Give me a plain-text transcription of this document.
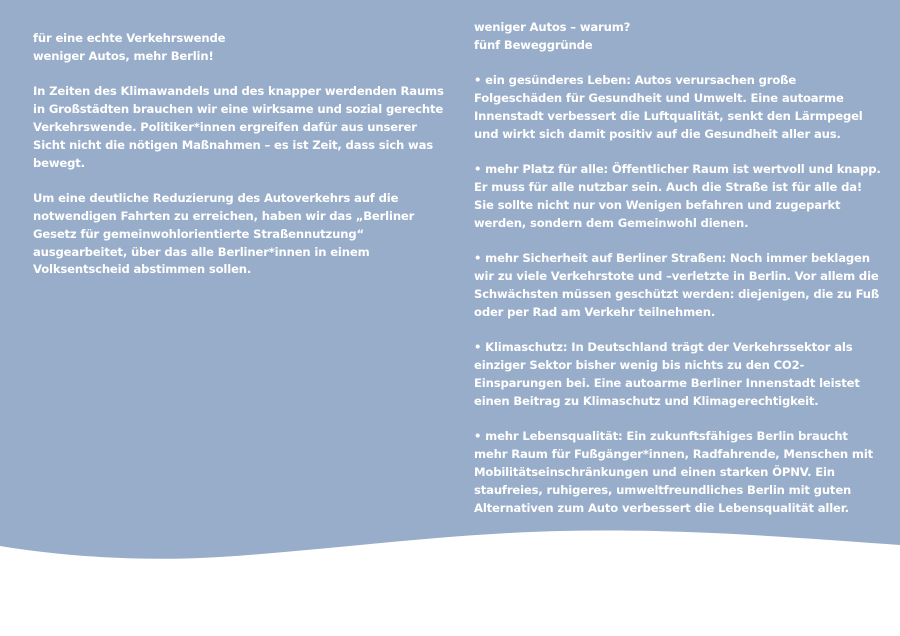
für eine echte Verkehrswende
weniger Autos, mehr Berlin!

In Zeiten des Klimawandels und des knapper werdenden Raums in Großstädten brauchen wir eine wirksame und sozial gerechte Verkehrswende. Politiker*innen ergreifen dafür aus unserer Sicht nicht die nötigen Maßnahmen – es ist Zeit, dass sich was bewegt.

Um eine deutliche Reduzierung des Autoverkehrs auf die notwendigen Fahrten zu erreichen, haben wir das „Berliner Gesetz für gemeinwohlorientierte Straßennutzung“ ausgearbeitet, über das alle Berliner*innen in einem Volksentscheid abstimmen sollen.

weniger Autos – warum?
fünf Beweggründe

• ein gesünderes Leben: Autos verursachen große Folgeschäden für Gesundheit und Umwelt. Eine autoarme Innenstadt verbessert die Luftqualität, senkt den Lärmpegel und wirkt sich damit positiv auf die Gesundheit aller aus.

• mehr Platz für alle: Öffentlicher Raum ist wertvoll und knapp. Er muss für alle nutzbar sein. Auch die Straße ist für alle da! Sie sollte nicht nur von Wenigen befahren und zugeparkt werden, sondern dem Gemeinwohl dienen.

• mehr Sicherheit auf Berliner Straßen: Noch immer beklagen wir zu viele Verkehrstote und –verletzte in Berlin. Vor allem die Schwächsten müssen geschützt werden: diejenigen, die zu Fuß oder per Rad am Verkehr teilnehmen.

• Klimaschutz: In Deutschland trägt der Verkehrssektor als einziger Sektor bisher wenig bis nichts zu den CO2-Einsparungen bei. Eine autoarme Berliner Innenstadt leistet einen Beitrag zu Klimaschutz und Klimagerechtigkeit.

• mehr Lebensqualität: Ein zukunftsfähiges Berlin braucht mehr Raum für Fußgänger*innen, Radfahrende, Menschen mit Mobilitätseinschränkungen und einen starken ÖPNV. Ein staufreies, ruhigeres, umweltfreundliches Berlin mit guten Alternativen zum Auto verbessert die Lebensqualität aller.
